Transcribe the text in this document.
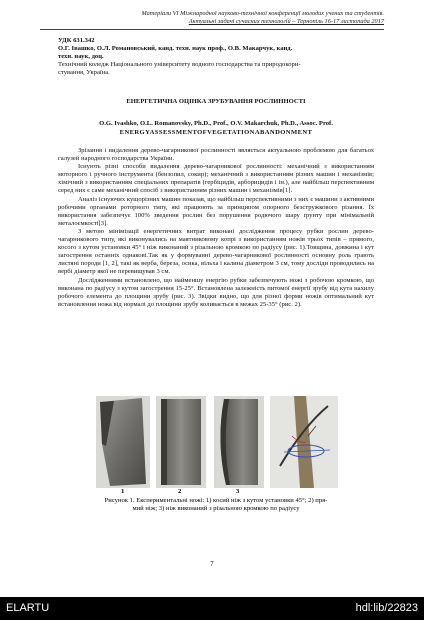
Матеріали VI Міжнародної науково-технічної конференції молодих учених та студентів.
Актуальні задачі сучасних технологій – Тернопіль 16-17 листопада 2017

УДК 631.342

О.Г. Івашко, О.Л. Романовський, канд. техн. наук проф., О.В. Макарчук, канд.

техн. наук, доц.

Технічний коледж Національного університету водного господарства та природокори-

стування, Україна.

ЕНЕРГЕТИЧНА ОЦІНКА ЗРУБУВАННЯ РОСЛИННОСТІ
O.G. Ivashko, O.L. Romanovsky, Ph.D., Prof., O.V. Makarchuk, Ph.D., Assoc. Prof.
ENERGYASSESSMENTOFVEGETATIONABANDONMENT

Зрізання і видалення дерево-чагарникової рослинності являється актуальною проблемою для багатьох галузей народного господарства України.

Існують різні способи видалення дерево-чагарникової рослинності: механічний з використанням моторного і ручного інструмента (бензопил, сокир); механічний з використанням різних машин і механізмів; хімічний з використанням спеціальних препаратів (гербіцидів, арборицидів і ін.), але найбільш перспективним серед них є саме механічний спосіб з використанням різних машин і механізмів[1].

Аналіз існуючих кущорізних машин показав, що найбільш перспективними з них є машини з активними робочими органами роторного типу, які працюють за принципом опорного безстружкового різання. Їх використання забезпечує 100% зведення рослин без порушення родючого шару ґрунту при мінімальній металоємкості[3].

З метою мінімізації енергетичних витрат виконані дослідження процесу рубки рослин дерево-чагарникового типу, які виконувались на маятниковому копрі з використанням ножів трьох типів – прямого, косого з кутом установки 45° і ніж виконаний з різальною кромкою по радіусу (рис. 1).Товщина, довжина і кут загострення останніх однакові.Так як у формуванні дерево-чагарникової рослинності основну роль грають листяні породи [1, 2], такі як верба, береза, осика, вільха і калина діаметром 3 см, тому досліди проводились на вербі діаметр якої не перевищував 3 см.

Дослідженнями встановлено, що найменшу енергію рубки забезпечують ножі з робочою кромкою, що виконана по радіусу з кутом загострення 15-25°. Встановлена залежність питомої енергії зрубу від кута нахилу робочого елемента до площини зрубу (рис. 3). Звідки видно, що для різної форми ножів оптимальний кут встановлення ножа від нормалі до площини зрубу коливається в межах 25-35° (рис. 2).

1	2	3
Рисунок 1. Експериментальні ножі: 1) косий ніж з кутом установки 45°; 2) пря-
мий ніж; 3) ніж виконаний з різальною кромкою по радіусу
7
ELARTU	hdl:lib/22823
